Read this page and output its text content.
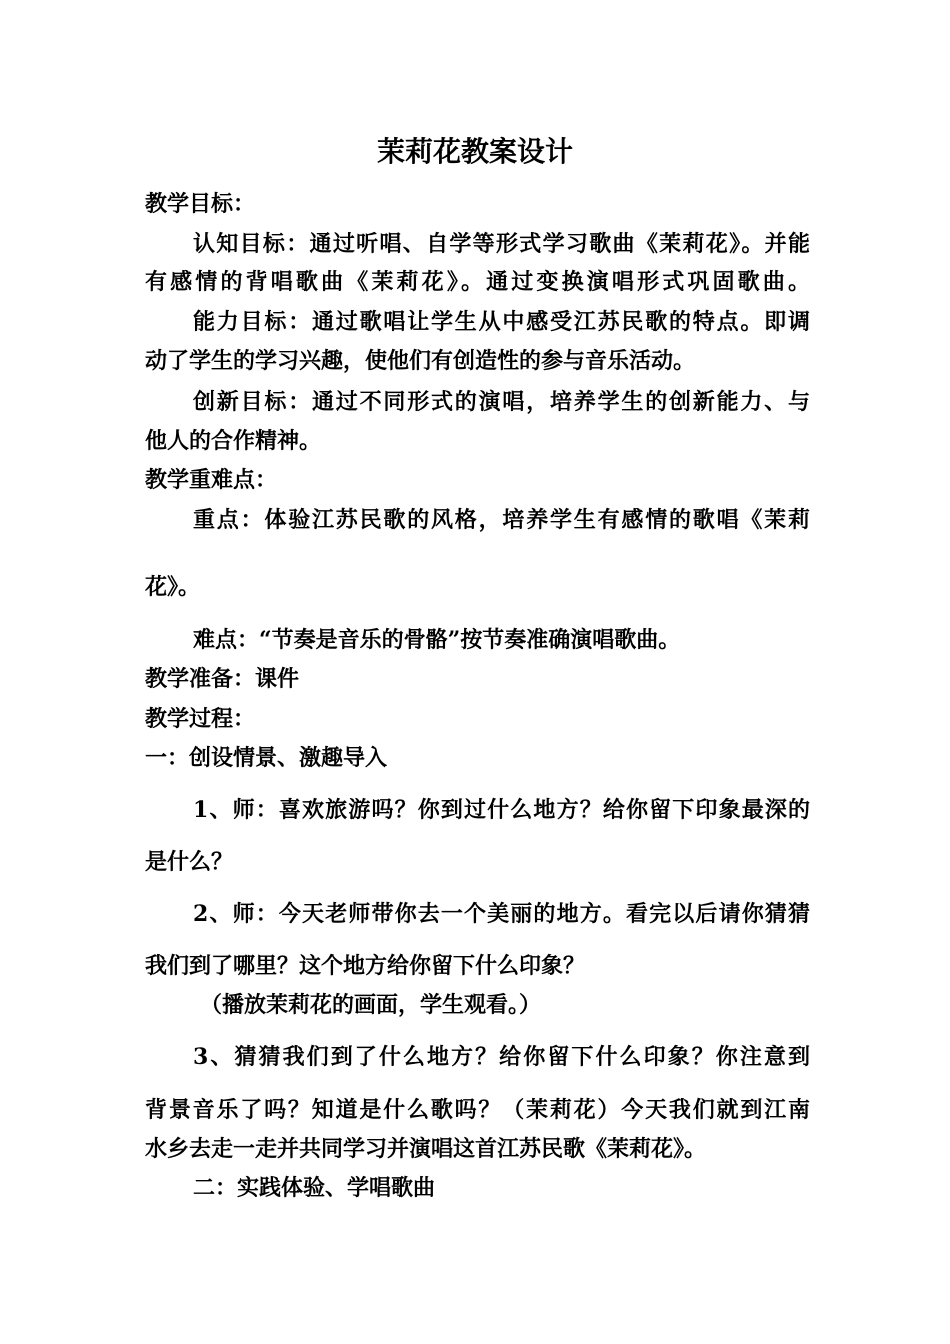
茉莉花教案设计
教学目标：
认知目标：通过听唱、自学等形式学习歌曲《茉莉花》。并能
有感情的背唱歌曲《茉莉花》。通过变换演唱形式巩固歌曲。
能力目标：通过歌唱让学生从中感受江苏民歌的特点。即调
动了学生的学习兴趣，使他们有创造性的参与音乐活动。
创新目标：通过不同形式的演唱，培养学生的创新能力、与
他人的合作精神。
教学重难点：
重点：体验江苏民歌的风格，培养学生有感情的歌唱《茉莉
花》。
难点：“节奏是音乐的骨骼”按节奏准确演唱歌曲。
教学准备：课件
教学过程：
一：创设情景、激趣导入
1、师：喜欢旅游吗？你到过什么地方？给你留下印象最深的
是什么？
2、师：今天老师带你去一个美丽的地方。看完以后请你猜猜
我们到了哪里？这个地方给你留下什么印象？
（播放茉莉花的画面，学生观看。）
3、猜猜我们到了什么地方？给你留下什么印象？你注意到
背景音乐了吗？知道是什么歌吗？（茉莉花）今天我们就到江南
水乡去走一走并共同学习并演唱这首江苏民歌《茉莉花》。
二：实践体验、学唱歌曲
